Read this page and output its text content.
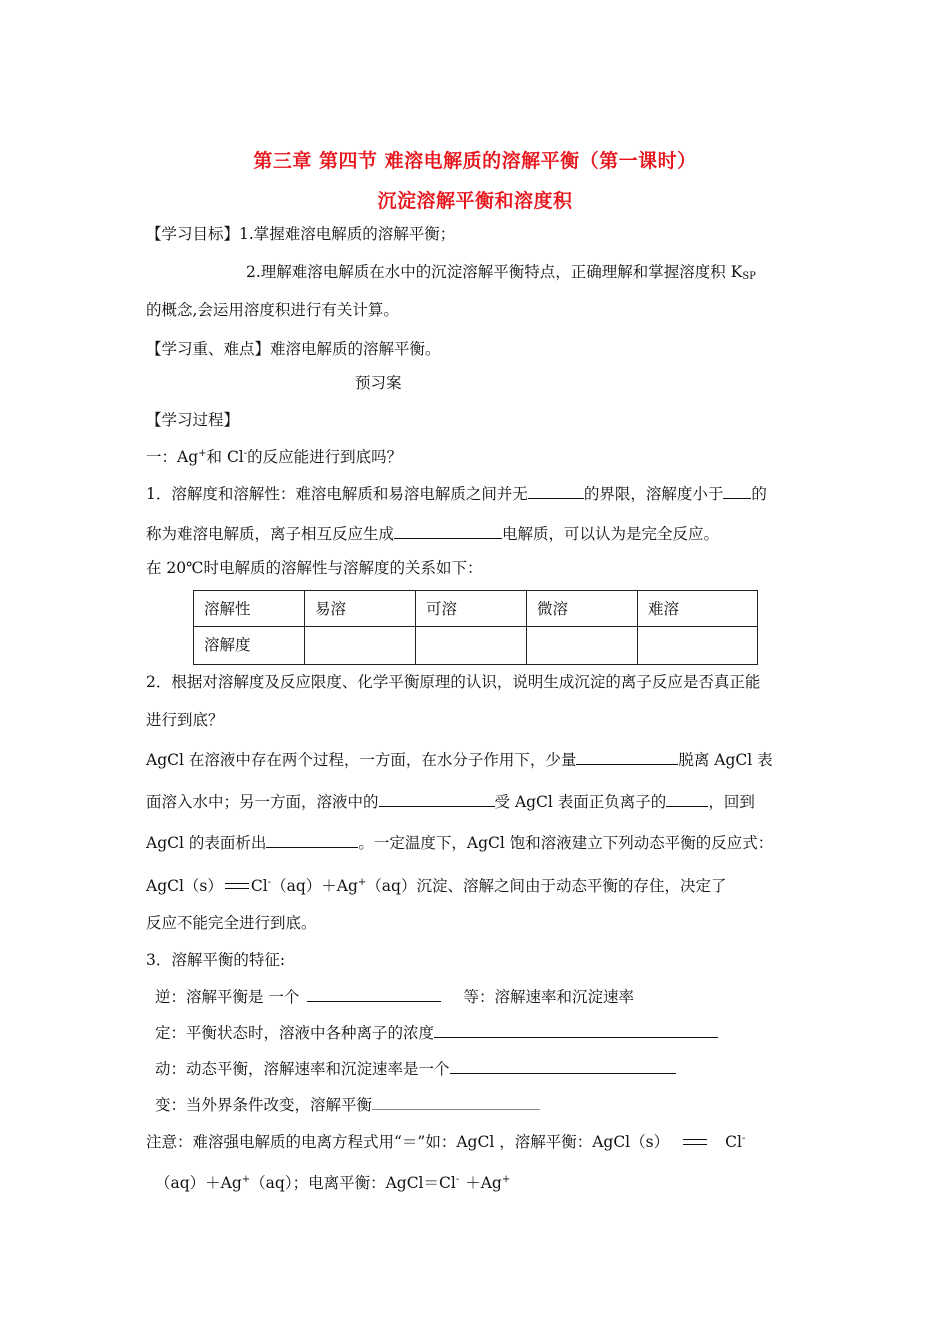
第三章 第四节 难溶电解质的溶解平衡（第一课时）
沉淀溶解平衡和溶度积
【学习目标】1.掌握难溶电解质的溶解平衡；
2.理解难溶电解质在水中的沉淀溶解平衡特点，正确理解和掌握溶度积 $K_{SP}$
的概念,会运用溶度积进行有关计算。
【学习重、难点】难溶电解质的溶解平衡。
预习案
【学习过程】
一：Ag+和 Cl-的反应能进行到底吗？
1．溶解度和溶解性：难溶电解质和易溶电解质之间并无	的界限，溶解度小于 的
称为难溶电解质，离子相互反应生成	电解质，可以认为是完全反应。
在 20℃时电解质的溶解性与溶解度的关系如下：
溶解性	易溶	可溶	微溶	难溶
溶解度				
2．根据对溶解度及反应限度、化学平衡原理的认识，说明生成沉淀的离子反应是否真正能
进行到底？
AgCl 在溶液中存在两个过程，一方面，在水分子作用下，少量	脱离 AgCl 表
面溶入水中；另一方面，溶液中的	受 AgCl 表面正负离子的	，回到
AgCl 的表面析出	。一定温度下，AgCl 饱和溶液建立下列动态平衡的反应式：
AgCl（s） Cl-（aq）＋Ag+（aq）沉淀、溶解之间由于动态平衡的存住，决定了
反应不能完全进行到底。
3．溶解平衡的特征:
逆：溶解平衡是 一个	等：溶解速率和沉淀速率
定：平衡状态时，溶液中各种离子的浓度
动：动态平衡，溶解速率和沉淀速率是一个
变：当外界条件改变，溶解平衡
注意：难溶强电解质的电离方程式用“＝”如：AgCl ，溶解平衡：AgCl（s）	Cl-
（aq）＋Ag+（aq）；电离平衡：AgCl＝Cl- ＋Ag+
